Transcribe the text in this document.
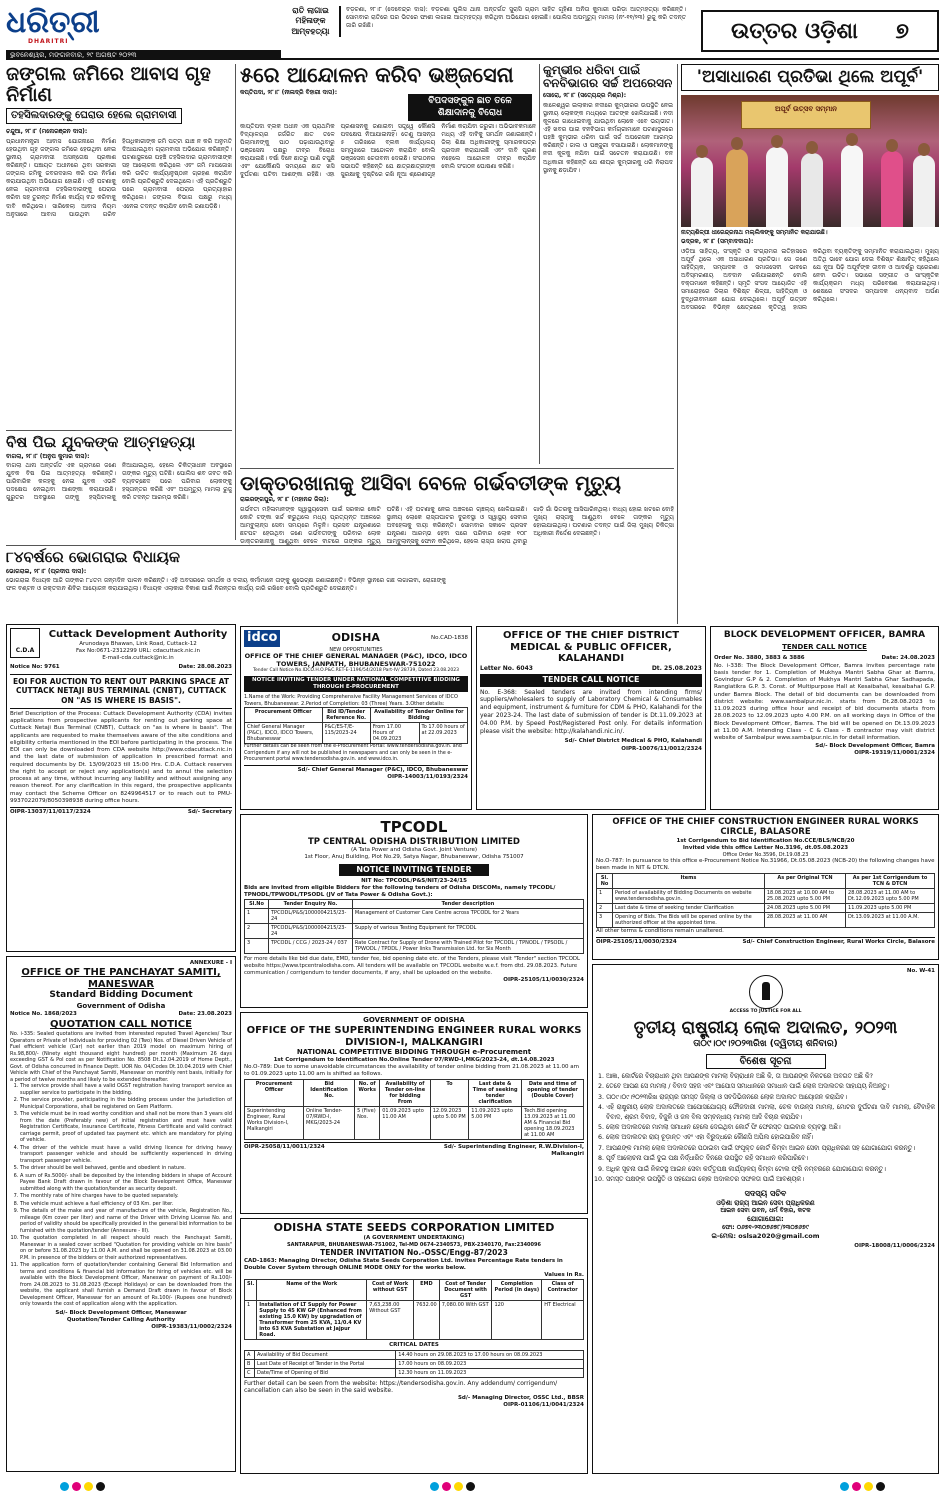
ଧରିତ୍ରୀ
DHARITRI
ଭୁବନେଶ୍ୱର, ମଙ୍ଗଳବାର, ୨୯ ଅଗଷ୍ଟ ୨୦୨୩
ରାତି ଲାଗାଇ ମହିଳାଙ୍କ ଆମ୍ବହତ୍ୟା
ବଡ଼ଚଣା, ୨୮।୮ (ଦେବେନ୍ଦ୍ର ଦାସ): ବଡ଼ଚଣା ପୁଲିସ ଥାନା ଅନ୍ତର୍ଗତ ସୁରାସି ଗ୍ରାମ ସାହିତ ଗୃହିଣୀ ଅନିତା କୁମାରୀ ପରିଡ଼ା ଆତ୍ମହତ୍ୟା କରିଛନ୍ତି। ସୋମବାର ରାତିରେ ଘର ଭିତରେ ଫାଶୀ ଲଗାଇ ଆତ୍ମହତ୍ୟା କରିଥିବା ଅଭିଯୋଗ ହୋଇଛି। ପୋଲିସ ଅପମୃତ୍ୟୁ ମାମଲା (ନଂ-୧୧/୨୩) ରୁଜୁ କରି ତଦନ୍ତ ଜାରି ରଖିଛି।	ଉତ୍ତର ଓଡ଼ିଶା ୭
ଜଙ୍ଗଲ ଜମିରେ ଆବାସ ଗୃହ ନିର୍ମାଣ
ତହସିଲଦାରଙ୍କୁ ଘେରାଉ ହେଲେ ଗ୍ରାମବାସୀ
ଚନ୍ଦୁଆ, ୨୮।୮ (ମନୋରଞ୍ଜନ ଦାସ):
ପ୍ରଧାନମନ୍ତ୍ରୀ ଆବାସ ଯୋଜନାରେ ନିର୍ମାଣ ହେଉଥିବା ଗୃହ ଜଙ୍ଗଲ ଜମିରେ ହେଉଥିବା ନେଇ ସ୍ଥାନୀୟ ଗ୍ରାମବାସୀ ଅସନ୍ତୋଷ ପ୍ରକାଶ କରିଛନ୍ତି। ପଞ୍ଚାୟତ ଅଧୀନରେ ଥିବା ସରକାରୀ ଜଙ୍ଗଲ ଜମିକୁ ଜବରଦଖଲ କରି ଘର ନିର୍ମାଣ କରାଯାଉଥିବା ଅଭିଯୋଗ ହୋଇଛି। ଏହି ଘଟଣାକୁ ନେଇ ଗ୍ରାମବାସୀ ତହସିଲଦାରଙ୍କୁ ଘେରାଉ କରିବା ସହ ତୁରନ୍ତ ନିର୍ମାଣ କାର୍ଯ୍ୟ ବନ୍ଦ କରିବାକୁ ଦାବି କରିଥିଲେ। ସାରିକେଲା ଆବାସ ନିୟମ ଅନୁସାରେ ଆବାସ ପାଉଥିବା ଗରିବ ହିତାଧିକାରୀଙ୍କ ଜମି ପଟ୍ଟା ଯାଞ୍ଚ ନ କରି ଅନୁମତି ଦିଆଯାଇଥିବା ଗ୍ରାମବାସୀ ଅଭିଯୋଗ କରିଛନ୍ତି। ଘଟଣାସ୍ଥଳରେ ପହଞ୍ଚି ତହସିଲଦାର ଗ୍ରାମବାସୀଙ୍କ ସହ ଆଲୋଚନା କରିଥିଲେ ଏବଂ ଜମି ମାପଜୋଖ କରି ଉଚିତ କାର୍ଯ୍ୟାନୁଷ୍ଠାନ ଗ୍ରହଣ କରାଯିବ ବୋଲି ପ୍ରତିଶ୍ରୁତି ଦେଇଥିଲେ। ଏହି ପ୍ରତିଶ୍ରୁତି ପରେ ଗ୍ରାମବାସୀ ଘେରାଉ ପ୍ରତ୍ୟାହାର କରିଥିଲେ। ଜଙ୍ଗଲ ବିଭାଗ ପକ୍ଷରୁ ମଧ୍ୟ ଏନେଇ ତଦନ୍ତ କରାଯିବ ବୋଲି ଜଣାପଡ଼ିଛି।
ବିଷ ପିଇ ଯୁବକଙ୍କ ଆତ୍ମହତ୍ୟା
ବାଗଲା, ୨୮।୮ (ଅନୁପ କୁମାର ଦାସ):
ବାଗଲା ଥାନା ଅନ୍ତର୍ଗତ ଏକ ଗ୍ରାମରେ ଜଣେ ଯୁବକ ବିଷ ପିଇ ଆତ୍ମହତ୍ୟା କରିଛନ୍ତି। ପାରିବାରିକ କଳହକୁ ନେଇ ଯୁବକ ଏଭଳି ପଦକ୍ଷେପ ନେଇଥିବା ଆଶଙ୍କା କରାଯାଉଛି। ଗୁରୁତର ଅବସ୍ଥାରେ ତାଙ୍କୁ ହସ୍ପିଟାଲକୁ ନିଆଯାଇଥିଲା, ହେଲେ ଚିକିତ୍ସାଧୀନ ଅବସ୍ଥାରେ ତାଙ୍କର ମୃତ୍ୟୁ ଘଟିଛି। ପୋଲିସ ଶବ ଜବତ କରି ବ୍ୟବଚ୍ଛେଦ ପରେ ପରିବାର ଲୋକଙ୍କୁ ହସ୍ତାନ୍ତର କରିଛି ଏବଂ ଅପମୃତ୍ୟୁ ମାମଲା ରୁଜୁ କରି ତଦନ୍ତ ଆରମ୍ଭ କରିଛି।
୮୪ବର୍ଷରେ ଭୋଗରାଇ ବିଧାୟକ
ଭୋଗରାଇ, ୨୮।୮ (ପ୍ରଦୀପ ଦାସ):
ଭୋଗରାଇ ବିଧାୟକ ଆଜି ତାଙ୍କର ୮୪ତମ ଜନ୍ମଦିନ ପାଳନ କରିଛନ୍ତି। ଏହି ଅବସରରେ ସମର୍ଥକ ଓ ଦଳୀୟ କର୍ମୀମାନେ ତାଙ୍କୁ ଶୁଭେଚ୍ଛା ଜଣାଇଛନ୍ତି। ବିଭିନ୍ନ ସ୍ଥାନରେ ଗଛ ଲଗାଇବା, ରୋଗୀଙ୍କୁ ଫଳ ବଣ୍ଟନ ଓ ରକ୍ତଦାନ ଶିବିର ଆୟୋଜନ କରାଯାଇଥିଲା। ବିଧାୟକ ଏଲାକାର ବିକାଶ ପାଇଁ ନିରନ୍ତର କାର୍ଯ୍ୟ ଜାରି ରଖିବେ ବୋଲି ପ୍ରତିଶ୍ରୁତି ଦେଇଛନ୍ତି।
୫ରେ ଆନ୍ଦୋଳନ କରିବ ଭଞ୍ଜସେନା
କପ୍ତିପଦା, ୨୮।୮ (ନୀଳାଦ୍ରି ବିହାରୀ ଦାସ):
ବିପଦସଙ୍କୁଳ ଛାତ ତଳେ ଶିକ୍ଷାଦାନକୁ ବିରୋଧ
କାପ୍ତିପଦା ବ୍ଲକ ଅଧୀନ ଏକ ପ୍ରାଥମିକ ବିଦ୍ୟାଳୟର ଜର୍ଜରିତ ଛାତ ତଳେ ପିଲାମାନଙ୍କୁ ପାଠ ପଢ଼ାଯାଉଥିବାରୁ ଭଞ୍ଜସେନା ପକ୍ଷରୁ ତୀବ୍ର ବିରୋଧ କରାଯାଇଛି। ବର୍ଷା ଦିନେ ଛାତରୁ ପାଣି ଟପୁଛି ଏବଂ ଯେକୌଣସି ସମୟରେ ଛାତ ଖସି ଦୁର୍ଘଟଣା ଘଟିବା ଆଶଙ୍କା ରହିଛି। ଏହା ପ୍ରଶାସନକୁ ଜଣାଇବା ସତ୍ତ୍ୱେ କୌଣସି ପଦକ୍ଷେପ ନିଆଯାଇନାହିଁ। ତେଣୁ ଆସନ୍ତା ୫ ତାରିଖରେ ବ୍ଲକ କାର୍ଯ୍ୟାଳୟ ସମ୍ମୁଖରେ ଆନ୍ଦୋଳନ କରାଯିବ ବୋଲି ଭଞ୍ଜସେନା ଚେତାବନୀ ଦେଇଛି। ସଂଗଠନର ସଭାପତି କହିଛନ୍ତି ଯେ ଛାତ୍ରଛାତ୍ରୀଙ୍କ ସୁରକ୍ଷାକୁ ଦୃଷ୍ଟିରେ ରଖି ନୂଆ ଶ୍ରେଣୀଗୃହ ନିର୍ମାଣ କରାଯିବା ଜରୁରୀ। ଅଭିଭାବକମାନେ ମଧ୍ୟ ଏହି ଦାବିକୁ ସମର୍ଥନ ଜଣାଇଛନ୍ତି। ଜିଲା ଶିକ୍ଷା ଅଧିକାରୀଙ୍କୁ ସ୍ମାରକପତ୍ର ପ୍ରଦାନ କରାଯାଇଛି ଏବଂ ଦାବି ପୂରଣ ନହେଲେ ଆନ୍ଦୋଳନ ତୀବ୍ର କରାଯିବ ବୋଲି ସଂଗଠନ ଘୋଷଣା କରିଛି।
କୁମ୍ଭୀର ଧରିବା ପାଇଁ ବନବିଭାଗର ସର୍ଚ୍ଚ ଅପରେସନ
ସୋରୋ, ୨୮।୮ (ସତ୍ୟେନ୍ଦ୍ର ମିଶ୍ର):
କାଳେଶ୍ୱର ଇଲାକାର ନଦୀରେ କୁମ୍ଭୀରର ଉପସ୍ଥିତି ନେଇ ସ୍ଥାନୀୟ ଲୋକଙ୍କ ମଧ୍ୟରେ ଆତଙ୍କ ଖେଳିଯାଇଛି। ନଦୀ କୂଳରେ ଗାଧୋଇବାକୁ ଯାଉଥିବା ଲୋକେ ଏବେ ଭୟଭୀତ। ଏହି ଖବର ପାଇ ବନବିଭାଗ କର୍ମଚାରୀମାନେ ଘଟଣାସ୍ଥଳରେ ପହଞ୍ଚି କୁମ୍ଭୀର ଧରିବା ପାଇଁ ସର୍ଚ୍ଚ ଅପରେସନ ଆରମ୍ଭ କରିଛନ୍ତି। ଜାଲ ଓ ପଞ୍ଜୁରୀ ବସାଯାଇଛି। ଲୋକମାନଙ୍କୁ ନଦୀ କୂଳକୁ ନଯିବା ପାଇଁ ସଚେତନ କରାଯାଉଛି। ବନ ଅଧିକାରୀ କହିଛନ୍ତି ଯେ ଶୀଘ୍ର କୁମ୍ଭୀରକୁ ଧରି ନିରାପଦ ସ୍ଥାନକୁ ଛଡ଼ାଯିବ।
'ଅସାଧାରଣ ପ୍ରତିଭା ଥିଲେ ଅପୂର୍ବ'
ଅପୂର୍ବ ଉତ୍ସବ ସମ୍ମାନ
ନାଟ୍ୟଶିଳ୍ପୀ ଧୀରେନ୍ଦ୍ରନାଥ ମଲ୍ଲିକଙ୍କୁ ସମ୍ମାନିତ କରାଯାଉଛି।
ଭଦ୍ରକ, ୨୮।୮ (ସମ୍ବାଦଦାତା):
ଓଡ଼ିଆ ସାହିତ୍ୟ, ସଂସ୍କୃତି ଓ ସଂଗ୍ରାମର ଇତିହାସରେ ଅପୂର୍ବ ଥିଲେ ଏକ ଅସାଧାରଣ ପ୍ରତିଭା। ସେ ଜଣେ ସାହିତ୍ୟିକ, ସମ୍ପାଦକ ଓ ସମାଜସେବୀ ଭାବରେ ଅବିସ୍ମରଣୀୟ ଅବଦାନ ରଖିଯାଇଛନ୍ତି ବୋଲି ବକ୍ତାମାନେ କହିଛନ୍ତି। ସ୍ମୃତି ସଂସଦ ଆୟୋଜିତ ଏହି ସମାରୋହରେ ଜିଲାର ବିଶିଷ୍ଟ ଶିଳ୍ପୀ, ସାହିତ୍ୟିକ ଓ ବୁଦ୍ଧିଜୀବୀମାନେ ଯୋଗ ଦେଇଥିଲେ। ଅପୂର୍ବ ଉତ୍ସବ ଅବସରରେ ବିଭିନ୍ନ କ୍ଷେତ୍ରରେ କୃତିତ୍ୱ ହାସଲ କରିଥିବା ବ୍ୟକ୍ତିଙ୍କୁ ସମ୍ମାନିତ କରାଯାଇଥିଲା। ମୁଖ୍ୟ ଅତିଥି ଭାବେ ଯୋଗ ଦେଇ ବିଶିଷ୍ଟ ଶିକ୍ଷାବିତ୍ କହିଥିଲେ ଯେ ନୂଆ ପିଢ଼ି ଅପୂର୍ବଙ୍କ ଜୀବନ ଓ ଆଦର୍ଶରୁ ପ୍ରେରଣା ନେବା ଉଚିତ। ସଭାରେ ସଙ୍ଗୀତ ଓ ସାଂସ୍କୃତିକ କାର୍ଯ୍ୟକ୍ରମ ମଧ୍ୟ ପରିବେଷଣ କରାଯାଇଥିଲା। ଶେଷରେ ସଂସଦର ସମ୍ପାଦକ ଧନ୍ୟବାଦ ଅର୍ପଣ କରିଥିଲେ।
ଡାକ୍ତରଖାନାକୁ ଆସିବା ବେଳେ ଗର୍ଭବତୀଙ୍କ ମୃତ୍ୟୁ
ରାଇରଙ୍ଗପୁର, ୨୮।୮ (ମହାନନ୍ଦ ଜିଲା):
ଗର୍ଭବତୀ ମହିଳାମାନଙ୍କ ସ୍ୱାସ୍ଥ୍ୟସେବା ପାଇଁ ସରକାର କୋଟି କୋଟି ଟଙ୍କା ଖର୍ଚ୍ଚ କରୁଥିଲେ ମଧ୍ୟ ପ୍ରତ୍ୟନ୍ତ ଅଞ୍ଚଳରେ ଆମ୍ବୁଲାନ୍ସ ସେବା ସମୟରେ ମିଳୁନି। ପ୍ରସବ ଯନ୍ତ୍ରଣାରେ ଛଟପଟ ହେଉଥିବା ଜଣେ ଗର୍ଭବତୀଙ୍କୁ ପରିବାର ଲୋକ ଡାକ୍ତରଖାନାକୁ ଆଣୁଥିବା ବେଳେ ବାଟରେ ତାଙ୍କର ମୃତ୍ୟୁ ଘଟିଛି। ଏହି ଘଟଣାକୁ ନେଇ ଅଞ୍ଚଳରେ ଚାଞ୍ଚଲ୍ୟ ଖେଳିଯାଇଛି। ସ୍ଥାନୀୟ ଲୋକେ ରାସ୍ତାଘାଟର ଦୁରବସ୍ଥା ଓ ସ୍ୱାସ୍ଥ୍ୟ ସେବାର ଅବହେଳାକୁ ଦାୟୀ କରିଛନ୍ତି। ସୋମବାର ସକାଳେ ପ୍ରସବ ଯନ୍ତ୍ରଣା ଆରମ୍ଭ ହେବା ପରେ ପରିବାର ଲୋକ ୧୦୮ ଆମ୍ବୁଲାନ୍ସକୁ ଫୋନ କରିଥିଲେ, ହେଲେ ରାସ୍ତା ଖରାପ ଥିବାରୁ ଗାଡ଼ି ଗାଁ ଭିତରକୁ ଆସିପାରିନଥିଲା। ବାଧ୍ୟ ହୋଇ ଖଟରେ ବୋହି ମୁଖ୍ୟ ରାସ୍ତାକୁ ଆଣୁଥିବା ବେଳେ ତାଙ୍କର ମୃତ୍ୟୁ ହୋଇଯାଇଥିଲା। ଘଟଣାର ତଦନ୍ତ ପାଇଁ ଜିଲା ମୁଖ୍ୟ ଚିକିତ୍ସା ଅଧିକାରୀ ନିର୍ଦ୍ଦେଶ ଦେଇଛନ୍ତି।
idco	ODISHA	No.CAD-1838
NEW OPPORTUNITIES
OFFICE OF THE CHIEF GENERAL MANAGER (P&C), IDCO, IDCO TOWERS, JANPATH, BHUBANESWAR-751022
Tender Call Notice No.IDCO.H.O.P&C.RET-E-1196/54/2018 Part-IV/ 28739, Dated 23.08.2023
NOTICE INVITING TENDER UNDER NATIONAL COMPETITIVE BIDDING THROUGH E-PROCUREMENT
1.Name of the Work: Providing Comprehensive Facility Management Services of IDCO Towers, Bhubaneswar. 2.Period of Completion: 03 (Three) Years. 3.Other details:
Procurement Officer	Bid ID/Tender Reference No.	Availability of Tender Online for Bidding	
Chief General Manager (P&C), IDCO, IDCO Towers, Bhubaneswar	P&C/ES-T/E-115/2023-24	From 17.00 Hours of 04.09.2023	To 17.00 hours of at 22.09.2023
Further details can be seen from the e-Procurement Portal: www.tendersodisha.gov.in. and Corrigendum if any will not be published in newspapers and can only be seen in the e-Procurement portal www.tendersodisha.gov.in. and www.idco.in.
Sd/- Chief General Manager (P&C), IDCO, Bhubaneswar
OIPR-14003/11/0193/2324
OFFICE OF THE CHIEF DISTRICT MEDICAL & PUBLIC OFFICER, KALAHANDI
Letter No. 6043	Dt. 25.08.2023
TENDER CALL NOTICE
No. E-368: Sealed tenders are invited from intending firms/ suppliers/wholesalers to supply of Laboratory Chemical & Consumables and equipment, instrument & furniture for CDM & PHO, Kalahandi for the year 2023-24. The last date of submission of tender is Dt.11.09.2023 at 04.00 P.M. by Speed Post/Registered Post only. For details information please visit the website: http://kalahandi.nic.in/.
Sd/- Chief District Medical & PHO, Kalahandi
OIPR-10076/11/0012/2324
BLOCK DEVELOPMENT OFFICER, BAMRA
TENDER CALL NOTICE
Order No. 3880, 3883 & 3886	Date: 24.08.2023
No. i-338: The Block Development Officer, Bamra invites percentage rate basis tender for 1. Completion of Mukhya Mantri Sabha Ghar at Bamra, Govindpur G.P & 2. Completion of Mukhya Mantri Sabha Ghar Sadhapada, Rangiatikra G.P. 3. Const. of Multipurpose Hall at Kesaibahal, kesaibahal G.P. under Bamra Block. The detail of bid documents can be downloaded from district website: www.sambalpur.nic.in. starts from Dt.28.08.2023 to 11.09.2023 during office hour and receipt of bid documents starts from 28.08.2023 to 12.09.2023 upto 4.00 P.M. on all working days in Office of the Block Development Officer, Bamra. The bid will be opened on Dt.13.09.2023 at 11.00 A.M. Intending Class - C & Class - B contractor may visit district website of Sambalpur www.sambalpur.nic.in for detail information.
Sd/- Block Development Officer, Bamra
OIPR-19319/11/0001/2324
C.D.A
Cuttack Development Authority
Arunodaya Bhawan, Link Road, Cuttack-12
Fax No:0671-2312299 URL: cdacuttack.nic.in
E-mail-cda.cuttack@nic.in
Notice No: 9761	Date: 28.08.2023
EOI FOR AUCTION TO RENT OUT PARKING SPACE AT CUTTACK NETAJI BUS TERMINAL (CNBT), CUTTACK ON "AS IS WHERE IS BASIS".
Brief Description of the Process: Cuttack Development Authority (CDA) invites applications from prospective applicants for renting out parking space at Cuttack Netaji Bus Terminal (CNBT), Cuttack on "as is where is basis". The applicants are requested to make themselves aware of the site conditions and eligibility criteria mentioned in the EOI before participating in the process. The EOI can only be downloaded from CDA website http://www.cdacuttack.nic.in and the last date of submission of application in prescribed format and required documents by Dt. 13/09/2023 till 15:00 Hrs. C.D.A. Cuttack reserves the right to accept or reject any application(s) and to annul the selection process at any time, without incurring any liability and without assigning any reason thereof. For any clarification in this regard, the prospective applicants may contact the Scheme Officer on 8249964517 or to reach out to PMU-9937022079/8050398938 during office hours.
OIPR-13037/11/0117/2324	Sd/- Secretary
TPCODL
TP CENTRAL ODISHA DISTRIBUTION LIMITED
(A Tata Power and Odisha Govt. Joint Venture)
1st Floor, Anuj Building, Plot No.29, Satya Nagar, Bhubaneswar, Odisha 751007
NOTICE INVITING TENDER
NIT No: TPCODL/P&S/NIT/23-24/15
Bids are invited from eligible Bidders for the following tenders of Odisha DISCOMs, namely TPCODL/ TPNODL/TPWODL/TPSODL (JV of Tata Power & Odisha Govt.):
Sl.No	Tender Enquiry No.	Tender description
1	TPCODL/P&S/1000004215/23-24	Management of Customer Care Centre across TPCODL for 2 Years
2	TPCODL/P&S/1000004215/23-24	Supply of various Testing Equipment for TPCODL
3	TPCODL / CCG / 2023-24 / 037	Rate Contract for Supply of Drone with Trained Pilot for TPCODL / TPNODL / TPSODL / TPWODL / TPDDL / Power links Transmission Ltd. for Six Month
For more details like bid due date, EMD, tender fee, bid opening date etc. of the Tenders, please visit "Tender" section TPCODL website https://www.tpcentralodisha.com. All tenders will be available on TPCODL website w.e.f. from dtd. 29.08.2023. Future communication / corrigendum to tender documents, if any, shall be uploaded on the website.
OIPR-25105/11/0030/2324
OFFICE OF THE CHIEF CONSTRUCTION ENGINEER RURAL WORKS CIRCLE, BALASORE
1st Corrigendum to Bid Identification No.CCE/BLS/NCB/20
Invited vide this office Letter No.3196, dt.05.08.2023
Office Order No.3596, Dt.19.08.23
No.O-787: In pursuance to this office e-Procurement Notice No.31966, Dt.05.08.2023 (NCB-20) the following changes have been made in NIT & DTCN.
Sl. No	Items	As per Original TCN	As per 1st Corrigendum to TCN & DTCN
1	Period of availability of Bidding Documents on website www.tendersodisha.gov.in.	18.08.2023 at 10.00 AM to 25.08.2023 upto 5.00 PM	28.08.2023 at 11.00 AM to Dt.12.09.2023 upto 5.00 PM
2	Last date & time of seeking tender Clarification	24.08.2023 upto 5.00 PM	11.09.2023 upto 5.00 PM
3	Opening of Bids. The Bids will be opened online by the authorized officer at the appointed time.	28.08.2023 at 11.00 AM	Dt.13.09.2023 at 11.00 A.M.
All other terms & conditions remain unaltered.
OIPR-25105/11/0030/2324	Sd/- Chief Construction Engineer, Rural Works Circle, Balasore
ANNEXURE - I
OFFICE OF THE PANCHAYAT SAMITI, MANESWAR
Standard Bidding Document
Government of Odisha
Notice No. 1868/2023	Date: 23.08.2023
QUOTATION CALL NOTICE
No. i-335: Sealed quotations are invited from interested reputed Travel Agencies/ Tour Operators or Private of Individuals for providing 02 (Two) Nos. of Diesel Driven Vehicle of Fuel efficient vehicle (Car) not earlier than 2019 model on maximum hiring of Rs.98,800/- (Ninety eight thousand eight hundred) per month (Maximum 26 days exceeding GST & Pol cost as per Notification No. 8508 Dt.12.04.2019 of Home Deptt., Govt. of Odisha concurred in Finance Deptt. UOR No. 04/Codes Dt.10.04.2019 with Chief Vehicle with Chief of the Panchayat Samiti, Maneswar on monthly rent basis, initially for a period of twelve months and likely to be extended thereafter.
1. The service provide shall have a valid OGST registration having transport service as supplier service to participate in the bidding.
2. The service provider, participating in the bidding process under the jurisdiction of Municipal Corporations, shall be registered on Gem Platform.
3. The vehicle must be in road worthy condition and shall not be more than 3 years old from the date (Preferably new) of initial registration and must have valid Registration Certificate, Insurance Certificate, Fitness Certificate and valid contract carriage permit, proof of updated tax payment etc. which are mandatory for plying of vehicle.
4. The driver of the vehicle must have a valid driving licence for driving heavy transport passenger vehicle and should be sufficiently experienced in driving transport passenger vehicle.
5. The driver should be well behaved, gentle and obedient in nature.
6. A sum of Rs.5000/- shall be deposited by the intending bidders in shape of Account Payee Bank Draft drawn in favour of the Block Development Office, Maneswar submitted along with the quotation/tender as security deposit.
7. The monthly rate of hire charges have to be quoted separately.
8. The vehicle must achieve a fuel efficiency of 03 Km. per liter.
9. The details of the make and year of manufacture of the vehicle, Registration No., mileage (Km cover per liter) and name of the Driver with Driving License No. and period of validity should be specifically provided in the general bid information to be furnished with the quotation/tender (Annexure - III).
10. The quotation completed in all respect should reach the Panchayat Samiti, Maneswar in a sealed cover scribed "Quotation for providing vehicle on hire basis" on or before 31.08.2023 by 11.00 A.M. and shall be opened on 31.08.2023 at 03.00 P.M. in presence of the bidders or their authorized representatives.
11. The application form of quotation/tender containing General Bid Information and terms and conditions & financial bid information for hiring of vehicles etc. will be available with the Block Development Officer, Maneswar on payment of Rs.100/- from 24.08.2023 to 31.08.2023 (Except Holidays) or can be downloaded from the website, the applicant shall furnish a Demand Draft drawn in favour of Block Development Officer, Maneswar for an amount of Rs.100/- (Rupees one hundred) only towards the cost of application along with the application.
Sd/- Block Development Officer, Maneswar
Quotation/Tender Calling Authority
OIPR-19383/11/0002/2324
GOVERNMENT OF ODISHA
OFFICE OF THE SUPERINTENDING ENGINEER RURAL WORKS DIVISION-I, MALKANGIRI
NATIONAL COMPETITIVE BIDDING THROUGH e-Procurement
1st Corrigendum to Identification No.Online Tender 07/RWD-I,MKG/2023-24, dt.14.08.2023
No.O-789: Due to some unavoidable circumstances the availability of tender online bidding from 21.08.2023 at 11.00 am to 01.09.2023 upto 11.00 am is shifted as follows.
Procurement Officer	Bid Identification No.	No. of Works	Availability of Tender on-line for bidding From	To	Last date & Time of seeking tender clarification	Date and time of opening of tender (Double Cover)
Superintending Engineer, Rural Works Division-I, Malkangiri	Online Tender-07/RWD-I, MKG/2023-24	5 (Five) Nos.	01.09.2023 upto 11.00 AM	12.09.2023 upto 5.00 PM	11.09.2023 upto 5.00 PM	Tech.Bid opening 13.09.2023 at 11.00 AM & Financial Bid opening 18.09.2023 at 11.00 AM
OIPR-25058/11/0011/2324	Sd/- Superintending Engineer, R.W.Division-I, Malkangiri
ODISHA STATE SEEDS CORPORATION LIMITED
(A GOVERNMENT UNDERTAKING)
SANTARAPUR, BHUBANESWAR-751002, Tel-MD 0674-2340573, PBX-2340170, Fax:2340096
TENDER INVITATION No.-OSSC/Engg-87/2023
CAD-1863: Managing Director, Odisha State Seeds Corporation Ltd. invites Percentage Rate tenders in Double Cover System through ONLINE MODE ONLY for the works below.
Values in Rs.
Sl.	Name of the Work	Cost of Work without GST	EMD	Cost of Tender Document with GST	Completion Period (in days)	Class of Contractor
1	Installation of LT Supply for Power Supply to 45 KW GP (Enhanced from existing 15.0 KW) by upgradation of Transformer from 25 KVA, 11/0.4 KV into 63 KVA Substation at Jajpur Road.	7,63,238.00 Without GST	7632.00	7,080.00 With GST	120	HT Electrical
CRITICAL DATES
A	Availability of Bid Document	14.40 hours on 29.08.2023 to 17.00 hours on 08.09.2023
B	Last Date of Receipt of Tender in the Portal	17.00 hours on 08.09.2023
C	Date/Time of Opening of Bid	12.30 hours on 11.09.2023
Further detail can be seen from the website: https://tendersodisha.gov.in. Any addendum/ corrigendum/ cancellation can also be seen in the said website.
Sd/- Managing Director, OSSC Ltd., BBSR
OIPR-01106/11/0041/2324
No. W-41
ACCESS TO JUSTICE FOR ALL
ତୃତୀୟ ରାଷ୍ଟ୍ରୀୟ ଲୋକ ଅଦାଲତ, ୨୦୨୩
ତା୦୯।୦୯।୨୦୨୩ରିଖ (ଦ୍ୱିତୀୟ ଶନିବାର)
ବିଶେଷ ସୂଚନା
1. ଆଜ୍ଞା, କୋର୍ଟରେ ବିଚାରାଧୀନ ଥିବା ଆପଣଙ୍କ ମାମଲା ବିଚାରାଧୀନ ଅଛି କି, ତା ଆପଣଙ୍କ ନିକଟରେ ଅବଗତ ଅଛି କି?
2. ତେବେ ଆପଣ ସେ ମାମଲା / ବିବାଦ ସହଜ ଏବଂ ଆପୋସ ସମାଧାନରେ ସମାଧାନ ପାଇଁ ଲୋକ ଅଦାଲତର ସାହାଯ୍ୟ ନିଅନ୍ତୁ।
3. ତା୦୯।୦୯।୨୦୨୩ରିଖ ରାଜ୍ୟର ସମସ୍ତ ଜିଲ୍ଲା ଓ ସବଡିଭିଜନରେ ଲୋକ ଅଦାଲତ ଆୟୋଜନ କରାଯିବ।
4. ଏହି ରାଷ୍ଟ୍ରୀୟ ଲୋକ ଅଦାଲତରେ ଆପୋସଯୋଗ୍ୟ ଫୌଜଦାରୀ ମାମଲା, ଚେକ ବାଉନ୍ସ ମାମଲା, ମୋଟର ଦୁର୍ଘଟଣା ଦାବି ମାମଲା, ବୈବାହିକ ବିବାଦ, ଶ୍ରମ ବିବାଦ, ବିଜୁଳି ଓ ଜଳ ବିଲ ସମ୍ବନ୍ଧୀୟ ମାମଲା ଆଦି ବିଚାର କରାଯିବ।
5. ଲୋକ ଅଦାଲତରେ ମାମଲା ସମାଧାନ ହେଲେ ଦେଇଥିବା କୋର୍ଟ ଫି ଫେରସ୍ତ ପାଇବାର ବ୍ୟବସ୍ଥା ଅଛି।
6. ଲୋକ ଅଦାଲତର ରାୟ ଚୂଡ଼ାନ୍ତ ଏବଂ ଏହା ବିରୁଦ୍ଧରେ କୌଣସି ଅପିଲ ହୋଇପାରିବ ନାହିଁ।
7. ଆପଣଙ୍କ ମାମଲା ଲୋକ ଅଦାଲତରେ ପଠାଇବା ପାଇଁ ସଂପୃକ୍ତ କୋର୍ଟ କିମ୍ବା ଆଇନ ସେବା ପ୍ରାଧିକରଣ ସହ ଯୋଗାଯୋଗ କରନ୍ତୁ।
8. ପୂର୍ବ ଆଲୋଚନା ପାଇଁ ଦୁଇ ପକ୍ଷ ନିର୍ଦ୍ଧାରିତ ଦିନରେ ଉପସ୍ଥିତ ରହି ସମାଧାନ କରିପାରିବେ।
9. ଅଧିକ ସୂଚନା ପାଇଁ ନିକଟସ୍ଥ ଆଇନ ସେବା କର୍ତ୍ତୃପକ୍ଷ କାର୍ଯ୍ୟାଳୟ କିମ୍ବା ଟୋଲ ଫ୍ରି ନମ୍ବରରେ ଯୋଗାଯୋଗ କରନ୍ତୁ।
10. ସମସ୍ତ ପକ୍ଷଙ୍କ ଉପସ୍ଥିତି ଓ ସହଯୋଗ ଲୋକ ଅଦାଲତର ସଫଳତା ପାଇଁ ଆବଶ୍ୟକ।
ସଦସ୍ୟ ସଚିବ
ଓଡ଼ିଶା ରାଜ୍ୟ ଆଇନ ସେବା ପ୍ରାଧିକରଣ
ଆଇନ ସେବା ଭବନ, ଧର୍ମ ବିହାର, କଟକ
ଯୋଗାଯୋଗ:
ଫୋ: ୦୬୭୧-୨୩୦୭୬୭୮/୨୩୦୭୬୭୯
ଇ-ମେଲ: oslsa2020@gmail.com
OIPR-18008/11/0006/2324
